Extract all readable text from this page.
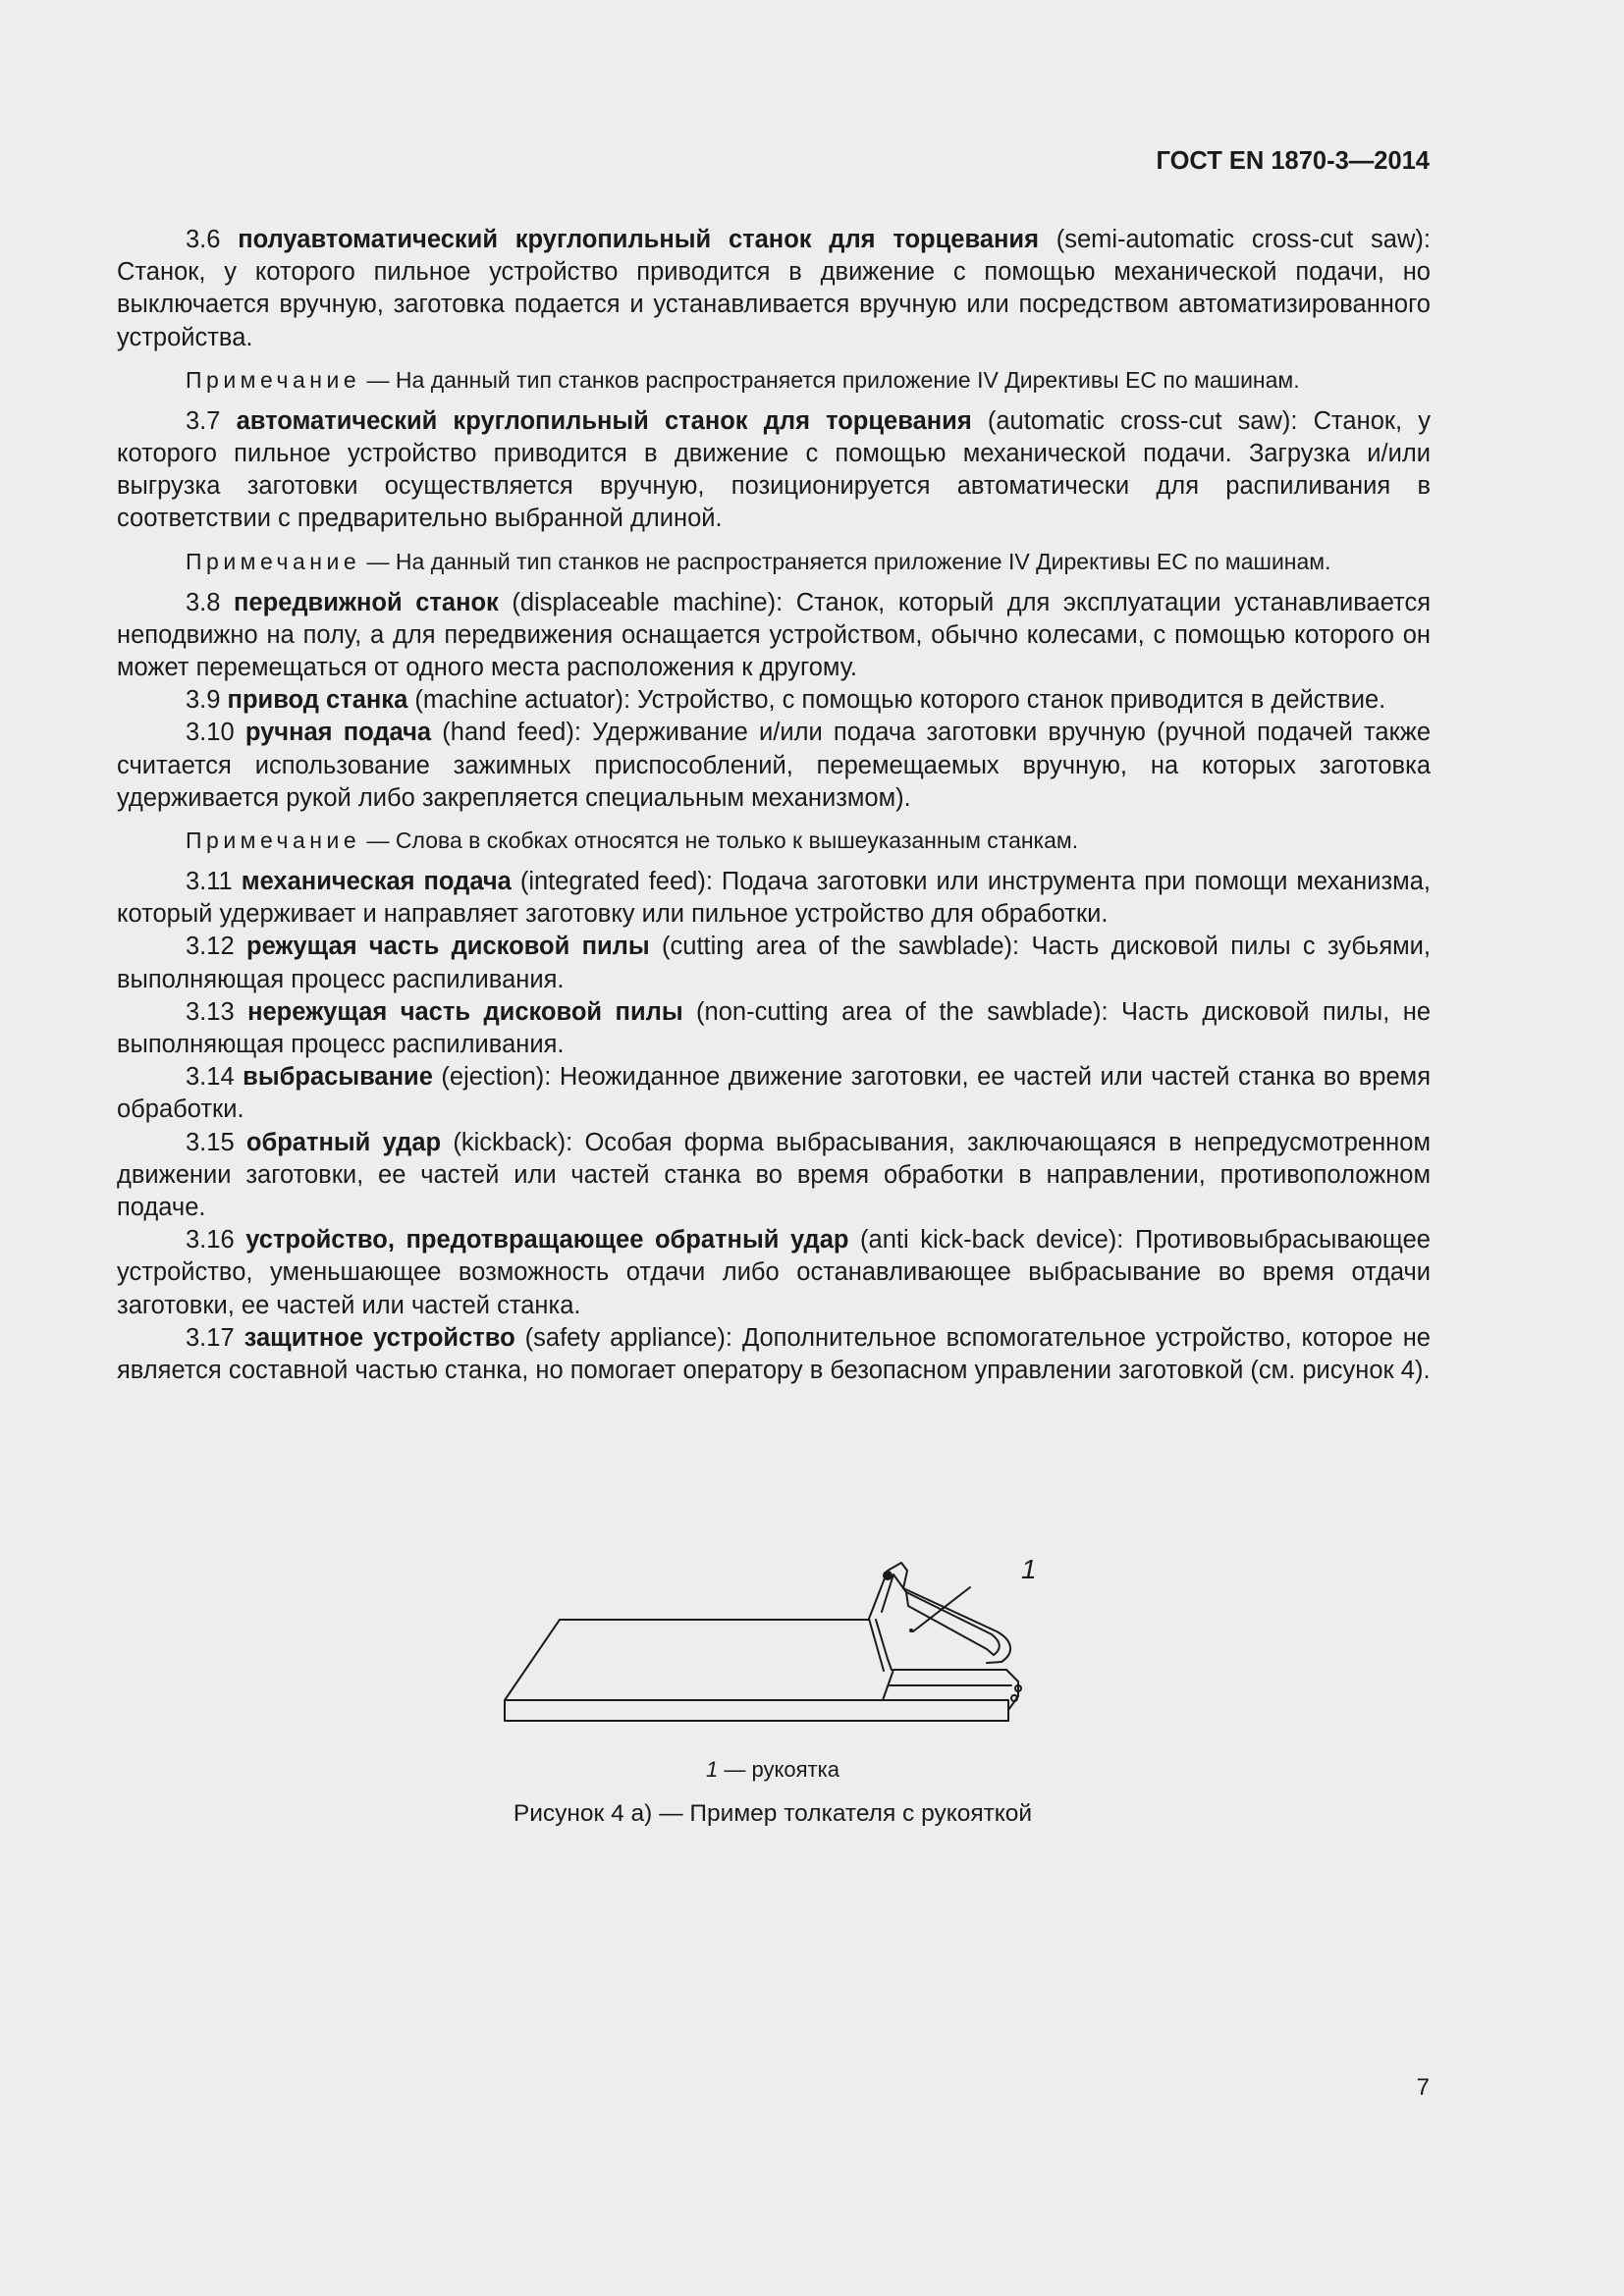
ГОСТ EN 1870-3—2014

3.6 полуавтоматический круглопильный станок для торцевания (semi-automatic cross-cut saw): Станок, у которого пильное устройство приводится в движение с помощью механической подачи, но выключается вручную, заготовка подается и устанавливается вручную или посредством автоматизированного устройства.

Примечание — На данный тип станков распространяется приложение IV Директивы ЕС по машинам.

3.7 автоматический круглопильный станок для торцевания (automatic cross-cut saw): Станок, у которого пильное устройство приводится в движение с помощью механической подачи. Загрузка и/или выгрузка заготовки осуществляется вручную, позиционируется автоматически для распиливания в соответствии с предварительно выбранной длиной.

Примечание — На данный тип станков не распространяется приложение IV Директивы ЕС по машинам.

3.8 передвижной станок (displaceable machine): Станок, который для эксплуатации устанавливается неподвижно на полу, а для передвижения оснащается устройством, обычно колесами, с помощью которого он может перемещаться от одного места расположения к другому.

3.9 привод станка (machine actuator): Устройство, с помощью которого станок приводится в действие.

3.10 ручная подача (hand feed): Удерживание и/или подача заготовки вручную (ручной подачей также считается использование зажимных приспособлений, перемещаемых вручную, на которых заготовка удерживается рукой либо закрепляется специальным механизмом).

Примечание — Слова в скобках относятся не только к вышеуказанным станкам.

3.11 механическая подача (integrated feed): Подача заготовки или инструмента при помощи механизма, который удерживает и направляет заготовку или пильное устройство для обработки.

3.12 режущая часть дисковой пилы (cutting area of the sawblade): Часть дисковой пилы с зубьями, выполняющая процесс распиливания.

3.13 нережущая часть дисковой пилы (non-cutting area of the sawblade): Часть дисковой пилы, не выполняющая процесс распиливания.

3.14 выбрасывание (ejection): Неожиданное движение заготовки, ее частей или частей станка во время обработки.

3.15 обратный удар (kickback): Особая форма выбрасывания, заключающаяся в непредусмотренном движении заготовки, ее частей или частей станка во время обработки в направлении, противоположном подаче.

3.16 устройство, предотвращающее обратный удар (anti kick-back device): Противовыбрасывающее устройство, уменьшающее возможность отдачи либо останавливающее выбрасывание во время отдачи заготовки, ее частей или частей станка.

3.17 защитное устройство (safety appliance): Дополнительное вспомогательное устройство, которое не является составной частью станка, но помогает оператору в безопасном управлении заготовкой (см. рисунок 4).

1
1 — рукоятка
Рисунок 4 а) — Пример толкателя с рукояткой
7
